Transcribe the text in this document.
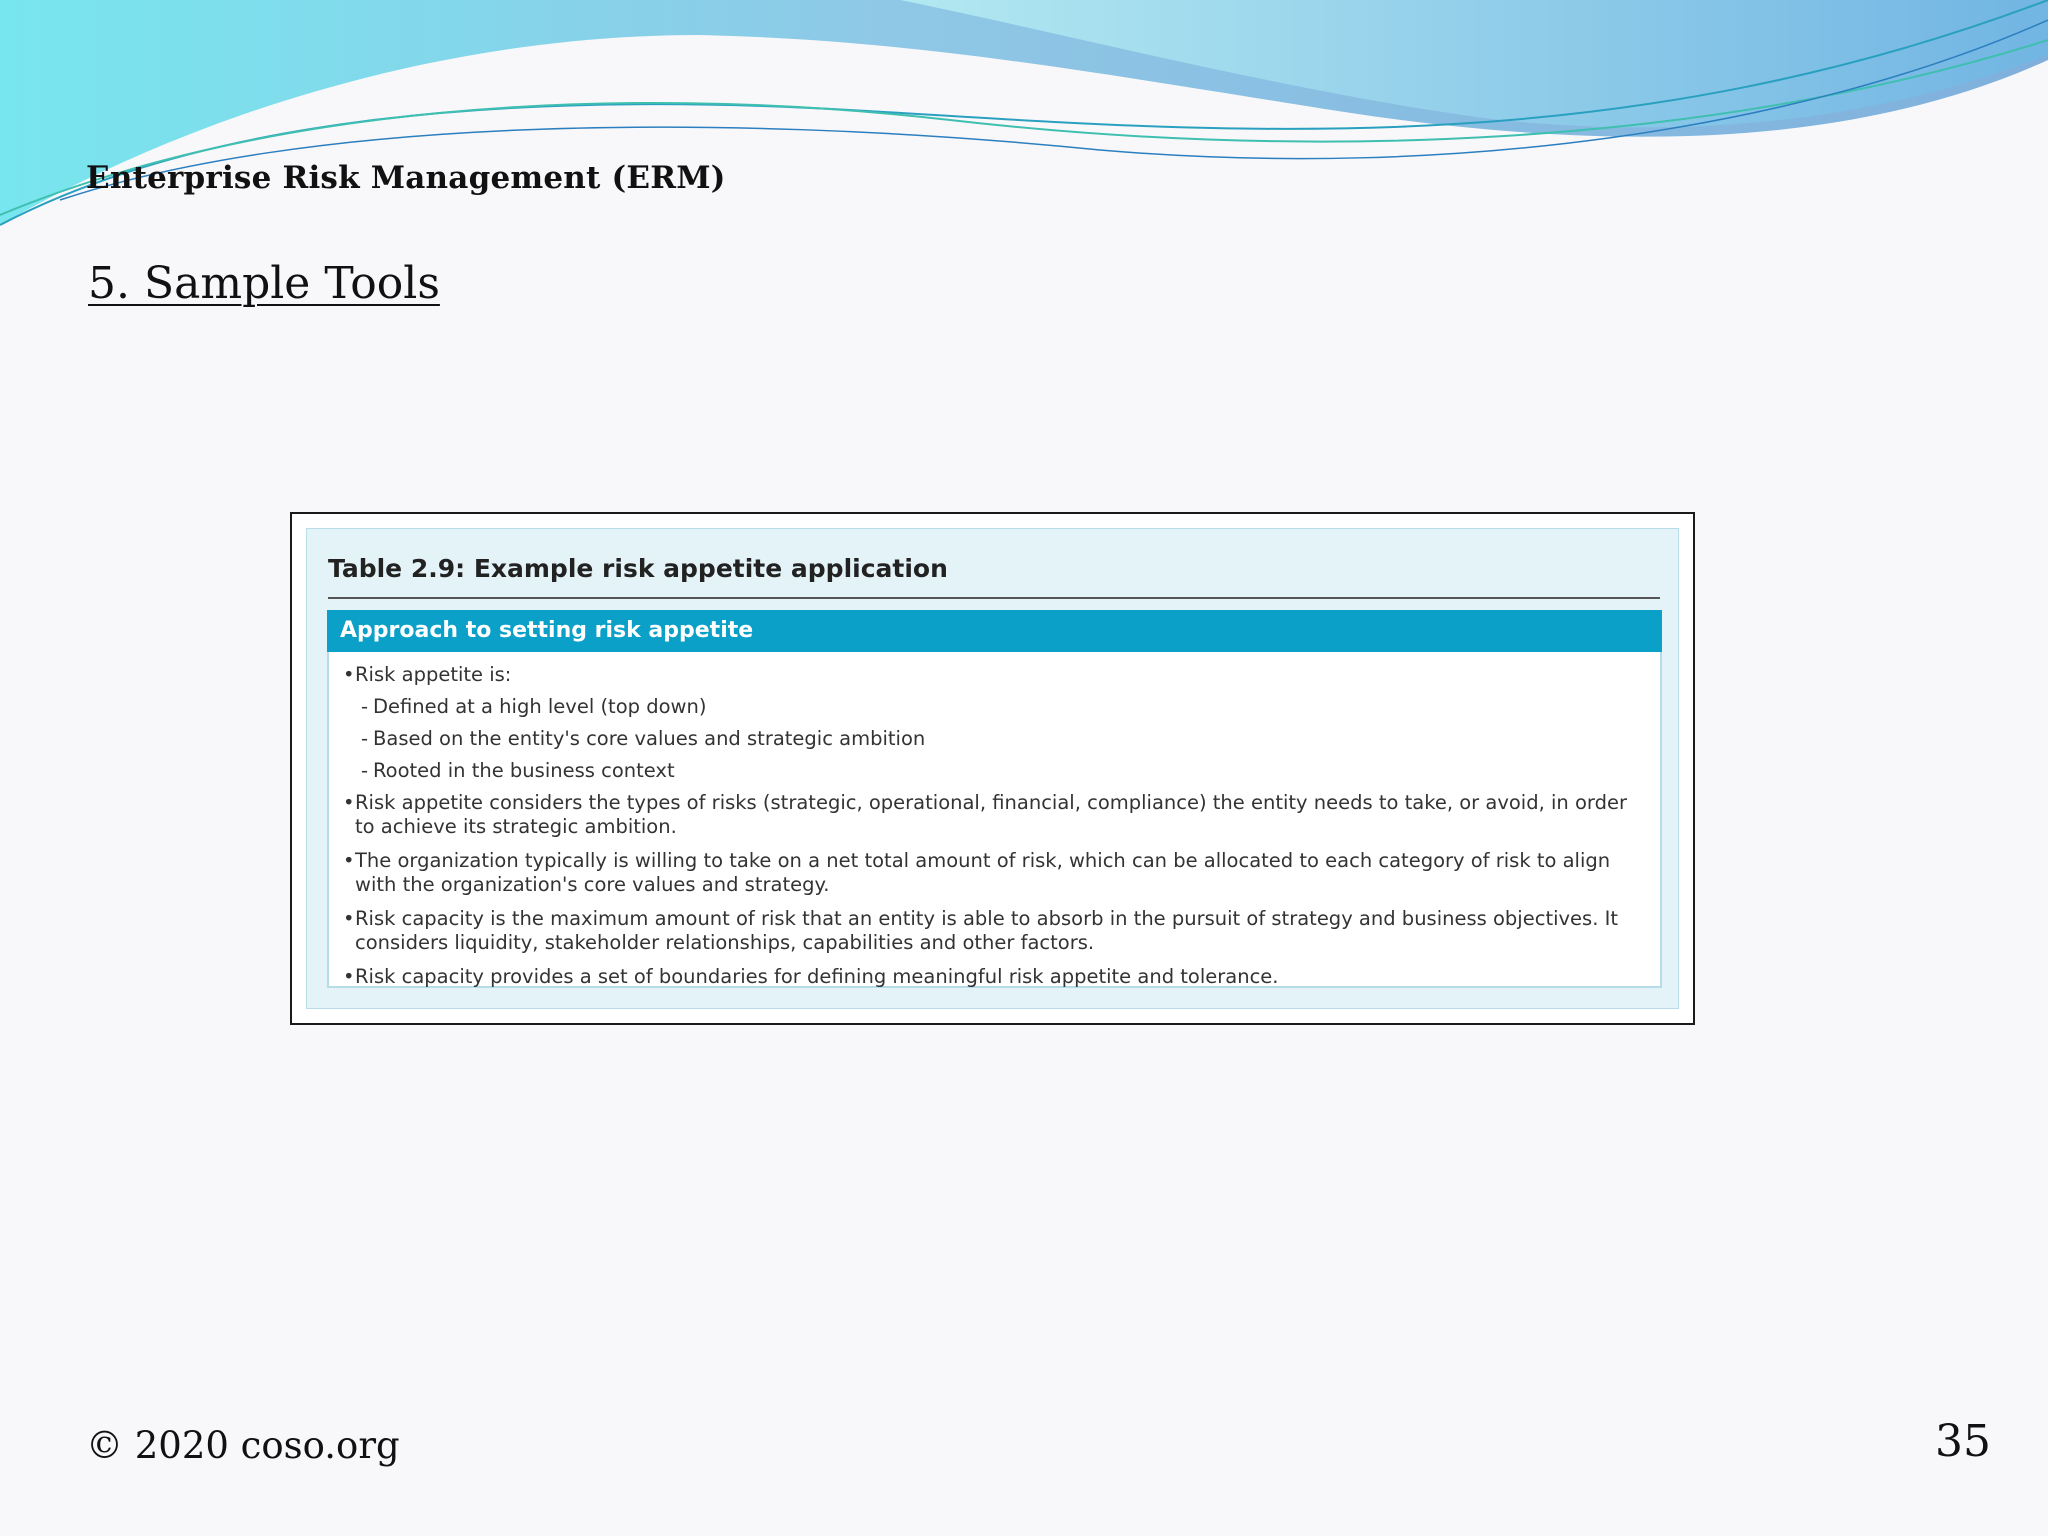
Enterprise Risk Management (ERM)
5. Sample Tools
Table 2.9: Example risk appetite application
Approach to setting risk appetite
• Risk appetite is:
- Defined at a high level (top down)
- Based on the entity's core values and strategic ambition
- Rooted in the business context
• Risk appetite considers the types of risks (strategic, operational, financial, compliance) the entity needs to take, or avoid, in order to achieve its strategic ambition.
• The organization typically is willing to take on a net total amount of risk, which can be allocated to each category of risk to align with the organization's core values and strategy.
• Risk capacity is the maximum amount of risk that an entity is able to absorb in the pursuit of strategy and business objectives. It considers liquidity, stakeholder relationships, capabilities and other factors.
• Risk capacity provides a set of boundaries for defining meaningful risk appetite and tolerance.
© 2020 coso.org	35
